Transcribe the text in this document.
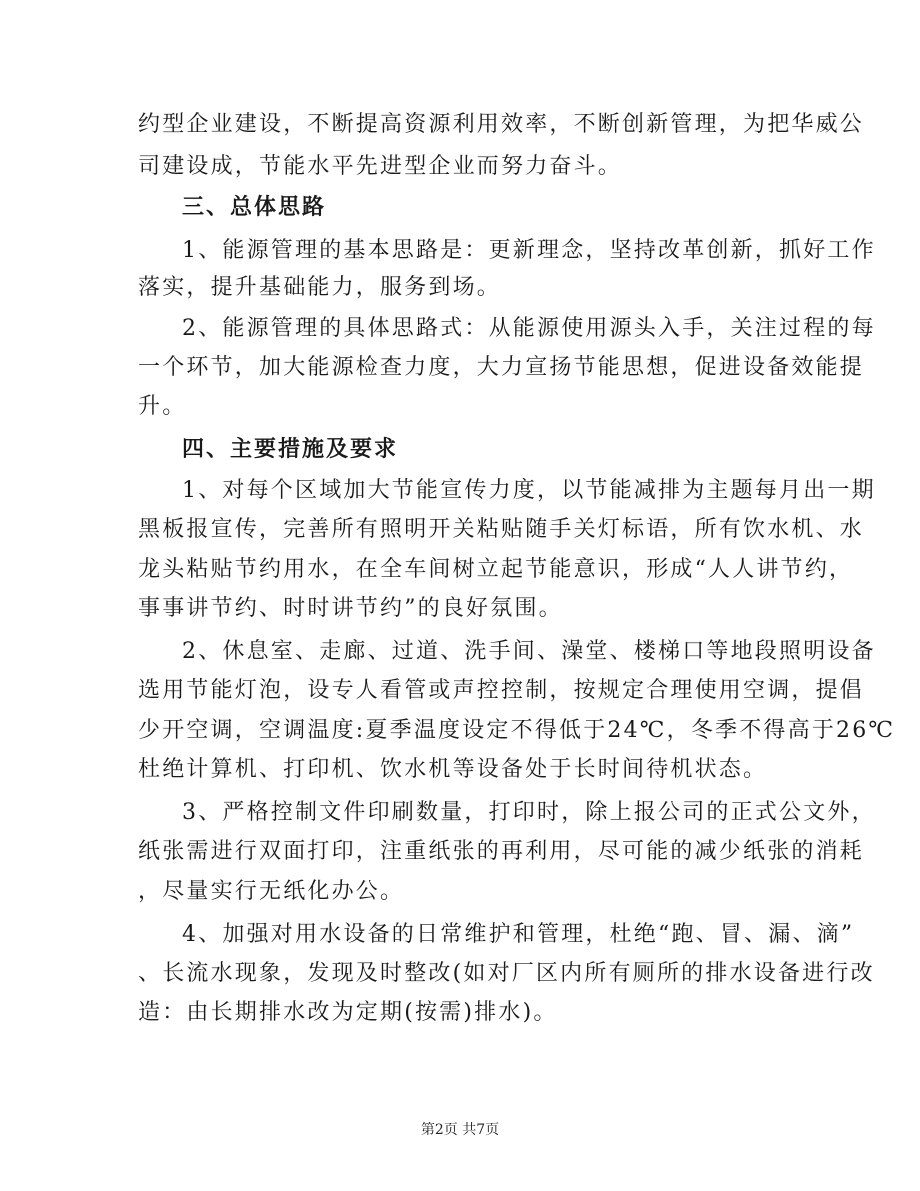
约型企业建设，不断提高资源利用效率，不断创新管理，为把华威公
司建设成，节能水平先进型企业而努力奋斗。
三、总体思路
1、能源管理的基本思路是：更新理念，坚持改革创新，抓好工作
落实，提升基础能力，服务到场。
2、能源管理的具体思路式：从能源使用源头入手，关注过程的每
一个环节，加大能源检查力度，大力宣扬节能思想，促进设备效能提
升。
四、主要措施及要求
1、对每个区域加大节能宣传力度，以节能减排为主题每月出一期
黑板报宣传，完善所有照明开关粘贴随手关灯标语，所有饮水机、水
龙头粘贴节约用水，在全车间树立起节能意识，形成“人人讲节约，
事事讲节约、时时讲节约”的良好氛围。
2、休息室、走廊、过道、洗手间、澡堂、楼梯口等地段照明设备
选用节能灯泡，设专人看管或声控控制，按规定合理使用空调，提倡
少开空调，空调温度:夏季温度设定不得低于24℃，冬季不得高于26℃
杜绝计算机、打印机、饮水机等设备处于长时间待机状态。
3、严格控制文件印刷数量，打印时，除上报公司的正式公文外，
纸张需进行双面打印，注重纸张的再利用，尽可能的减少纸张的消耗
，尽量实行无纸化办公。
4、加强对用水设备的日常维护和管理，杜绝“跑、冒、漏、滴”
、长流水现象，发现及时整改(如对厂区内所有厕所的排水设备进行改
造：由长期排水改为定期(按需)排水)。
第2页 共7页
